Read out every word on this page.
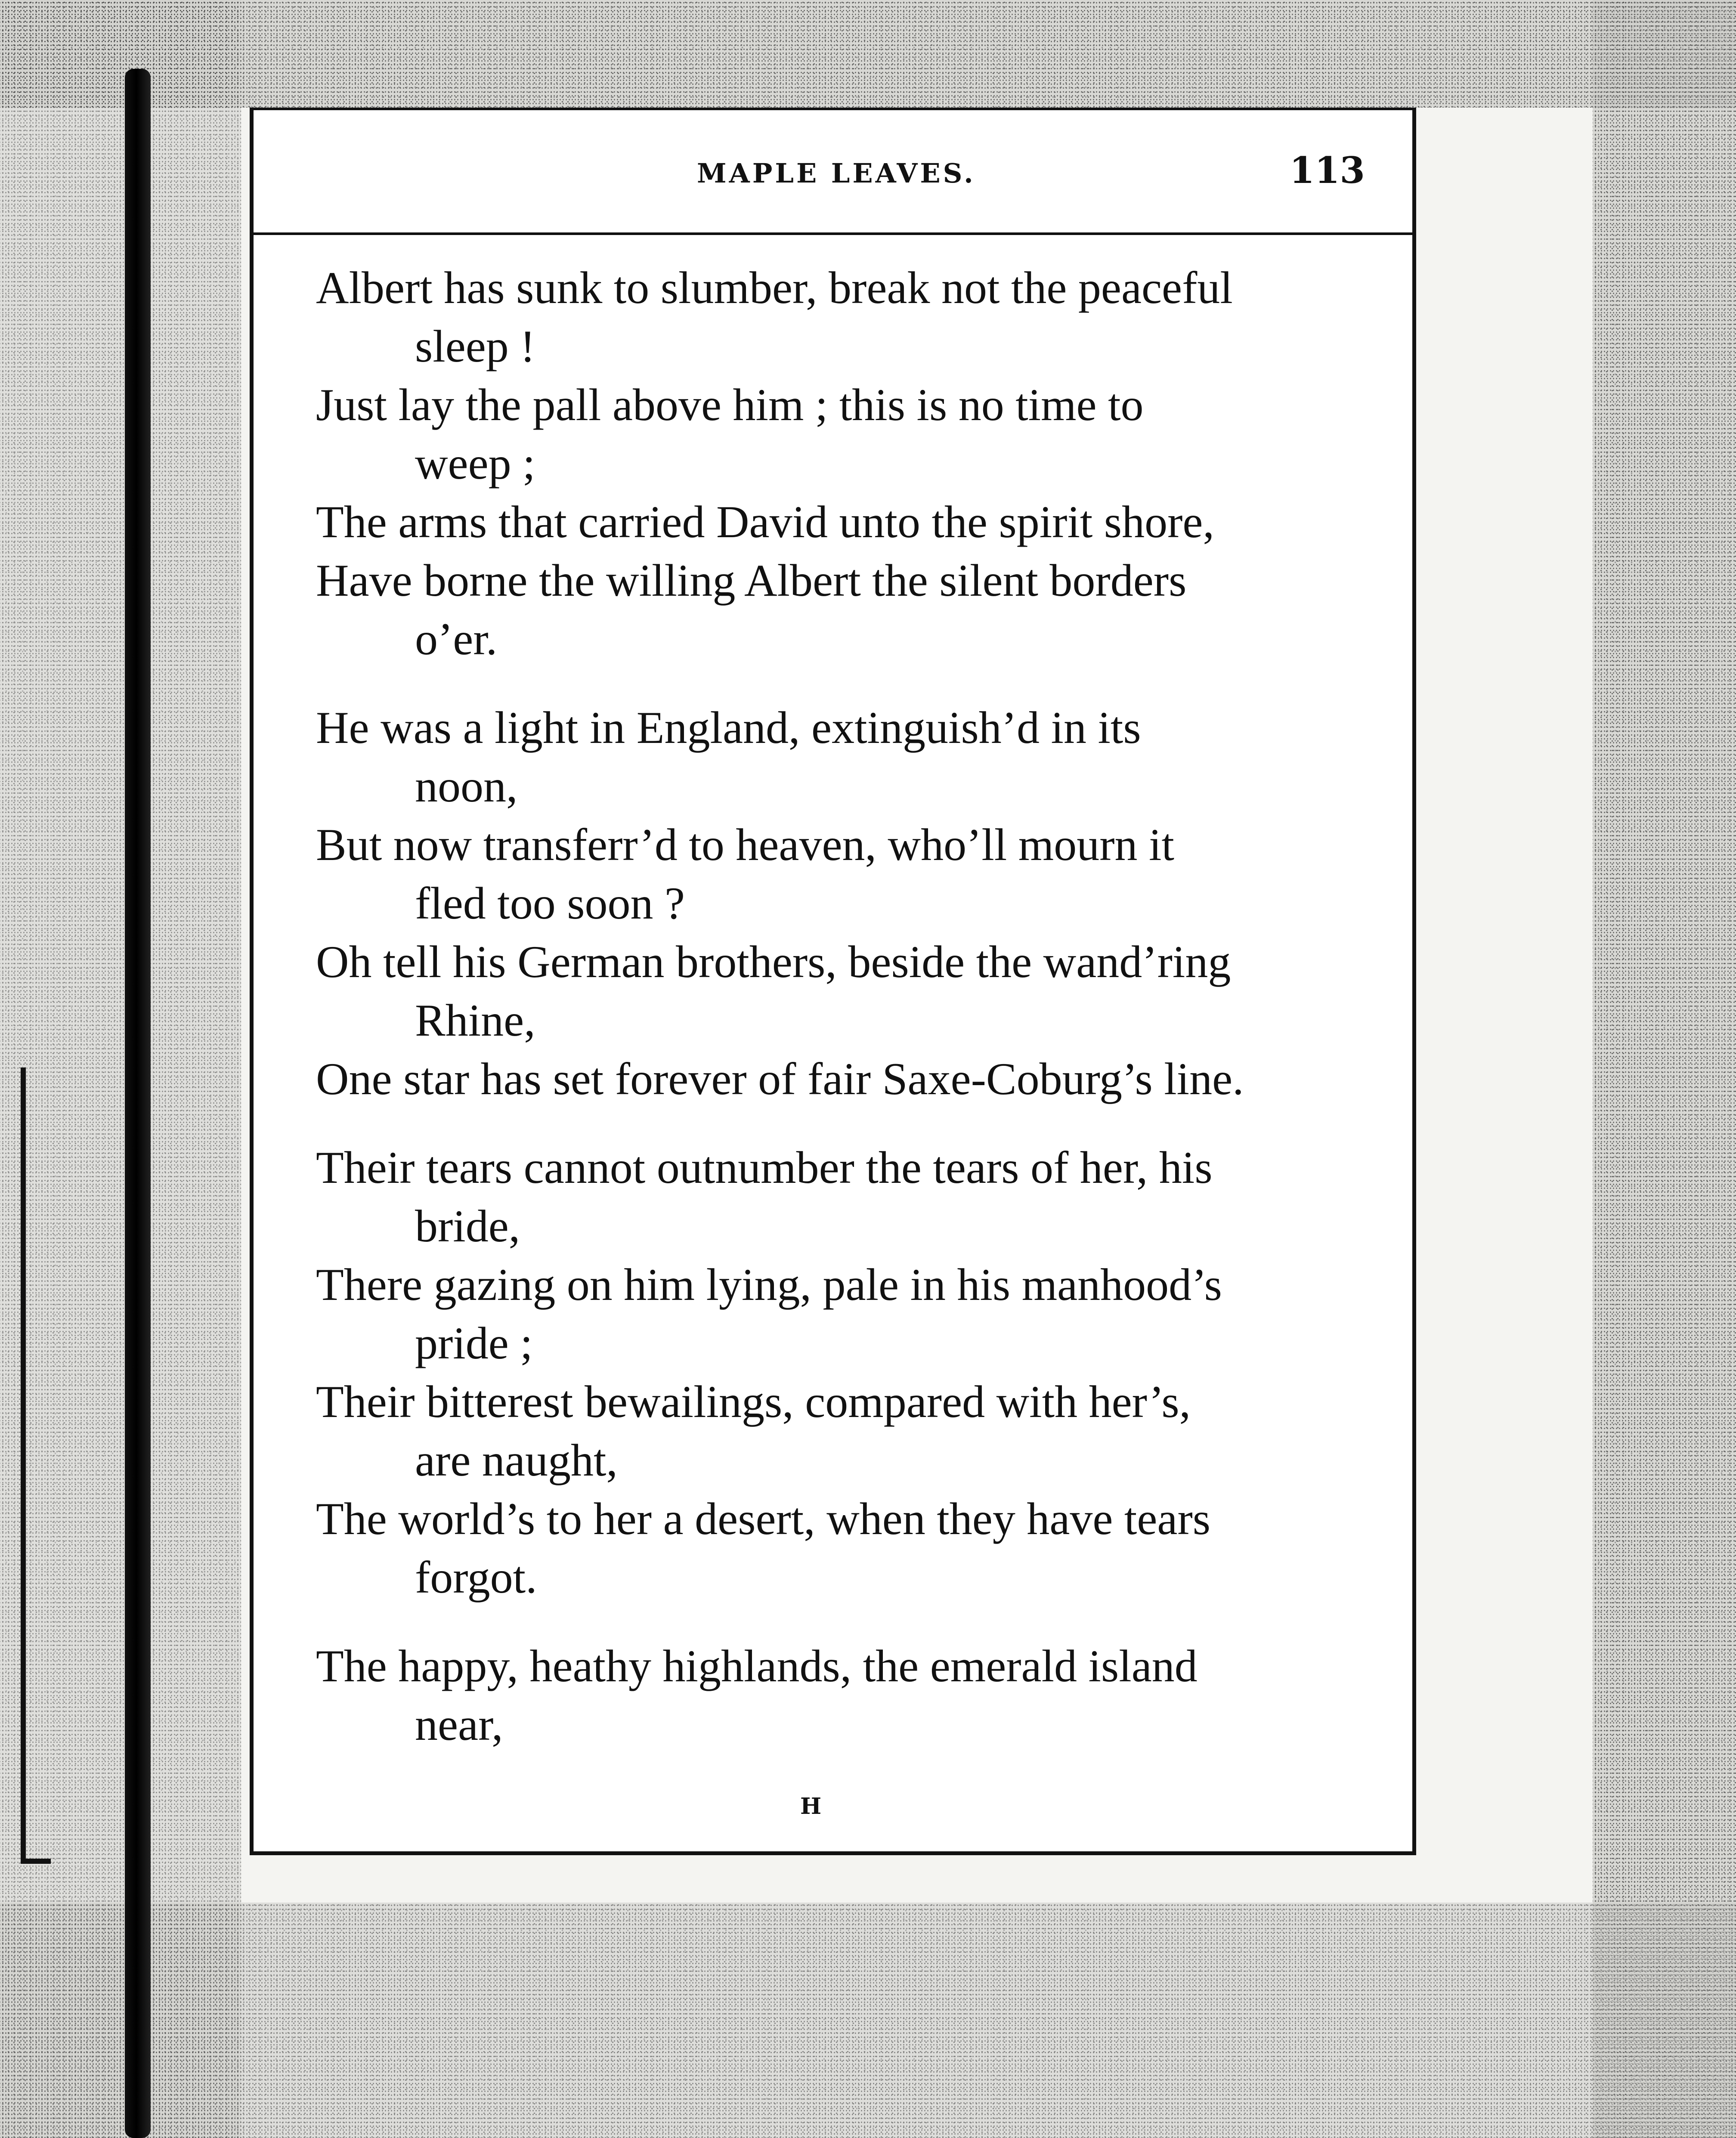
MAPLE LEAVES.	113
Albert has sunk to slumber, break not the peaceful
sleep !
Just lay the pall above him ; this is no time to
weep ;
The arms that carried David unto the spirit shore,
Have borne the willing Albert the silent borders
o’er.
He was a light in England, extinguish’d in its
noon,
But now transferr’d to heaven, who’ll mourn it
fled too soon ?
Oh tell his German brothers, beside the wand’ring
Rhine,
One star has set forever of fair Saxe-Coburg’s line.
Their tears cannot outnumber the tears of her, his
bride,
There gazing on him lying, pale in his manhood’s
pride ;
Their bitterest bewailings, compared with her’s,
are naught,
The world’s to her a desert, when they have tears
forgot.
The happy, heathy highlands, the emerald island
near,
H
